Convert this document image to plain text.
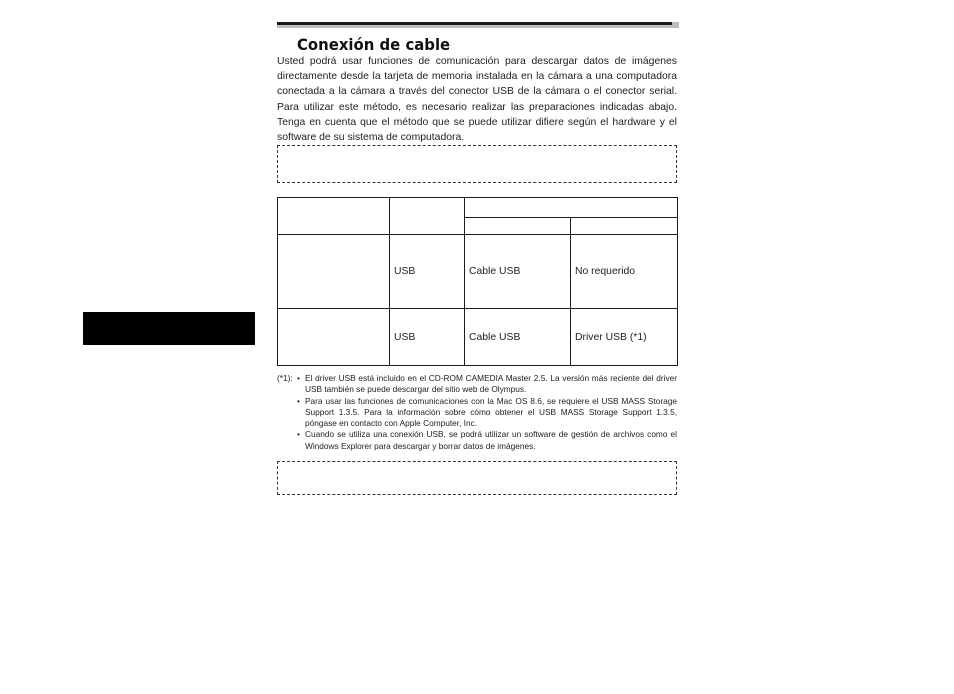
Conexión de cable

Usted podrá usar funciones de comunicación para descargar datos de imágenes directamente desde la tarjeta de memoria instalada en la cámara a una computadora conectada a la cámara a través del conector USB de la cámara o el conector serial. Para utilizar este método, es necesario realizar las preparaciones indicadas abajo. Tenga en cuenta que el método que se puede utilizar difiere según el hardware y el software de su sistema de computadora.

	USB	Cable USB	No requerido
	USB	Cable USB	Driver USB (*1)
(*1):	• El driver USB está incluido en el CD-ROM CAMEDIA Master 2.5. La versión más reciente del driver USB también se puede descargar del sitio web de Olympus.
• Para usar las funciones de comunicaciones con la Mac OS 8.6, se requiere el USB MASS Storage Support 1.3.5. Para la información sobre cómo obtener el USB MASS Storage Support 1.3.5, póngase en contacto con Apple Computer, Inc.
• Cuando se utiliza una conexión USB, se podrá utilizar un software de gestión de archivos como el Windows Explorer para descargar y borrar datos de imágenes.
